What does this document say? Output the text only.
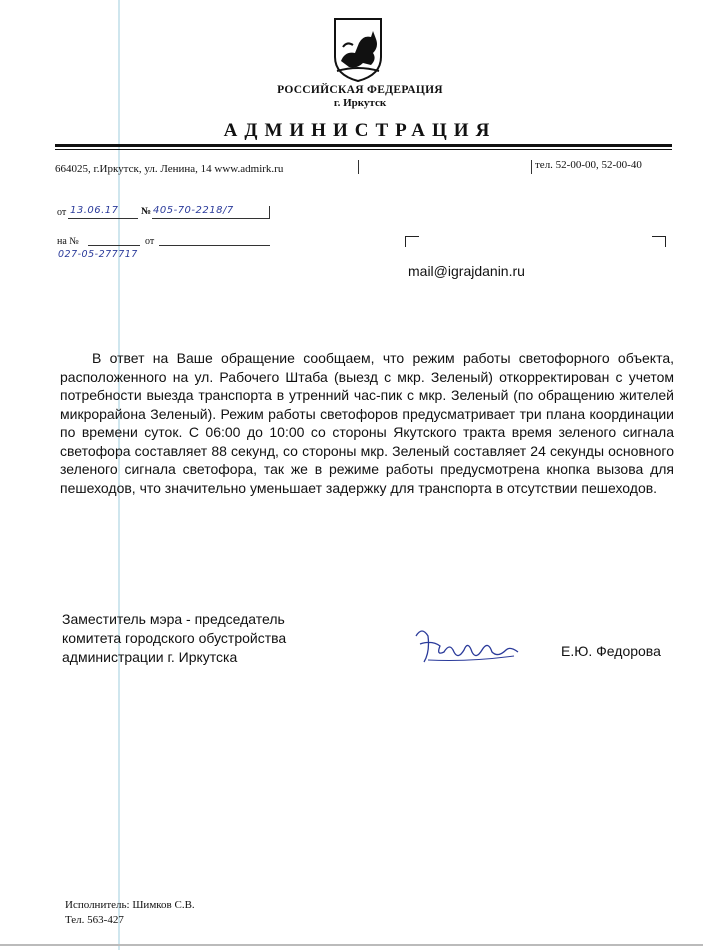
РОССИЙСКАЯ ФЕДЕРАЦИЯ
г. Иркутск
АДМИНИСТРАЦИЯ
664025, г.Иркутск, ул. Ленина, 14 www.admirk.ru	тел. 52-00-00, 52-00-40
от 13.06.17 № 405-70-2218/7
на №	от
027-05-277717
mail@igrajdanin.ru
В ответ на Ваше обращение сообщаем, что режим работы светофорного объекта, расположенного на ул. Рабочего Штаба (выезд с мкр. Зеленый) откорректирован с учетом потребности выезда транспорта в утренний час-пик с мкр. Зеленый (по обращению жителей микрорайона Зеленый). Режим работы светофоров предусматривает три плана координации по времени суток. С 06:00 до 10:00 со стороны Якутского тракта время зеленого сигнала светофора составляет 88 секунд, со стороны мкр. Зеленый составляет 24 секунды основного зеленого сигнала светофора, так же в режиме работы предусмотрена кнопка вызова для пешеходов, что значительно уменьшает задержку для транспорта в отсутствии пешеходов.
Заместитель мэра - председатель
комитета городского обустройства
администрации г. Иркутска	Е.Ю. Федорова
Исполнитель: Шимков С.В.
Тел. 563-427
